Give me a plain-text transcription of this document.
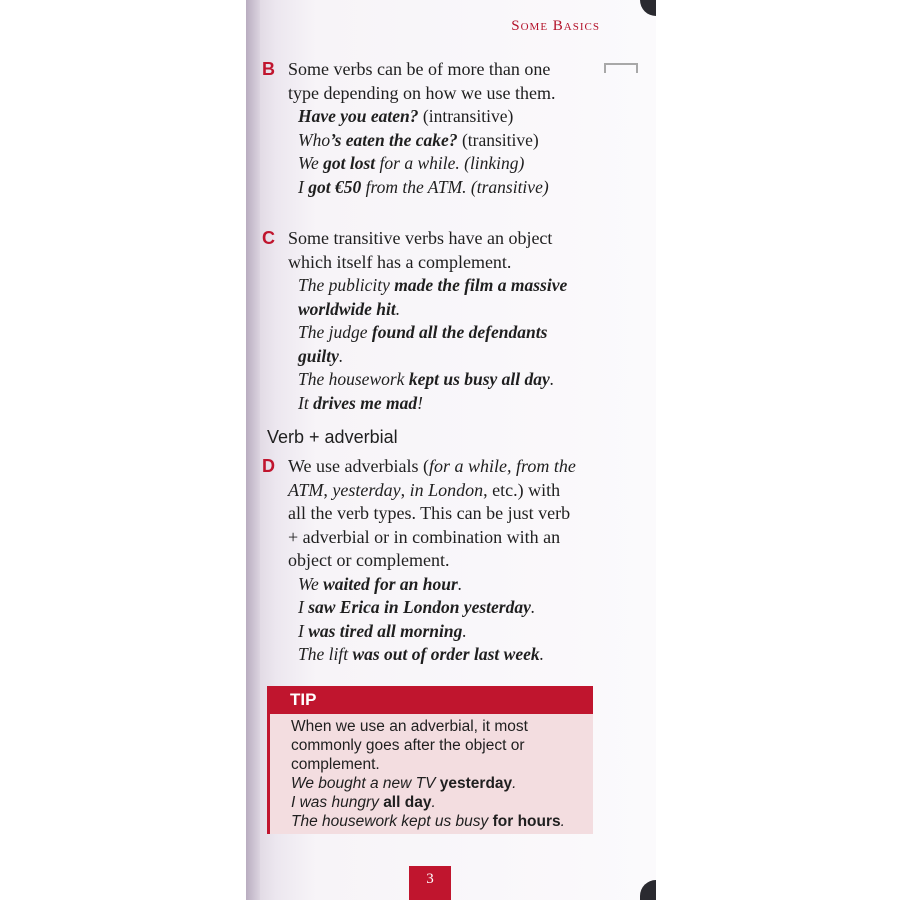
Some Basics
B Some verbs can be of more than one
type depending on how we use them.
Have you eaten? (intransitive)
Who’s eaten the cake? (transitive)
We got lost for a while. (linking)
I got €50 from the ATM. (transitive)
C Some transitive verbs have an object
which itself has a complement.
The publicity made the film a massive
worldwide hit.
The judge found all the defendants
guilty.
The housework kept us busy all day.
It drives me mad!
Verb + adverbial
D We use adverbials (for a while, from the
ATM, yesterday, in London, etc.) with
all the verb types. This can be just verb
+ adverbial or in combination with an
object or complement.
We waited for an hour.
I saw Erica in London yesterday.
I was tired all morning.
The lift was out of order last week.
TIP
When we use an adverbial, it most
commonly goes after the object or
complement.
We bought a new TV yesterday.
I was hungry all day.
The housework kept us busy for hours.
3
